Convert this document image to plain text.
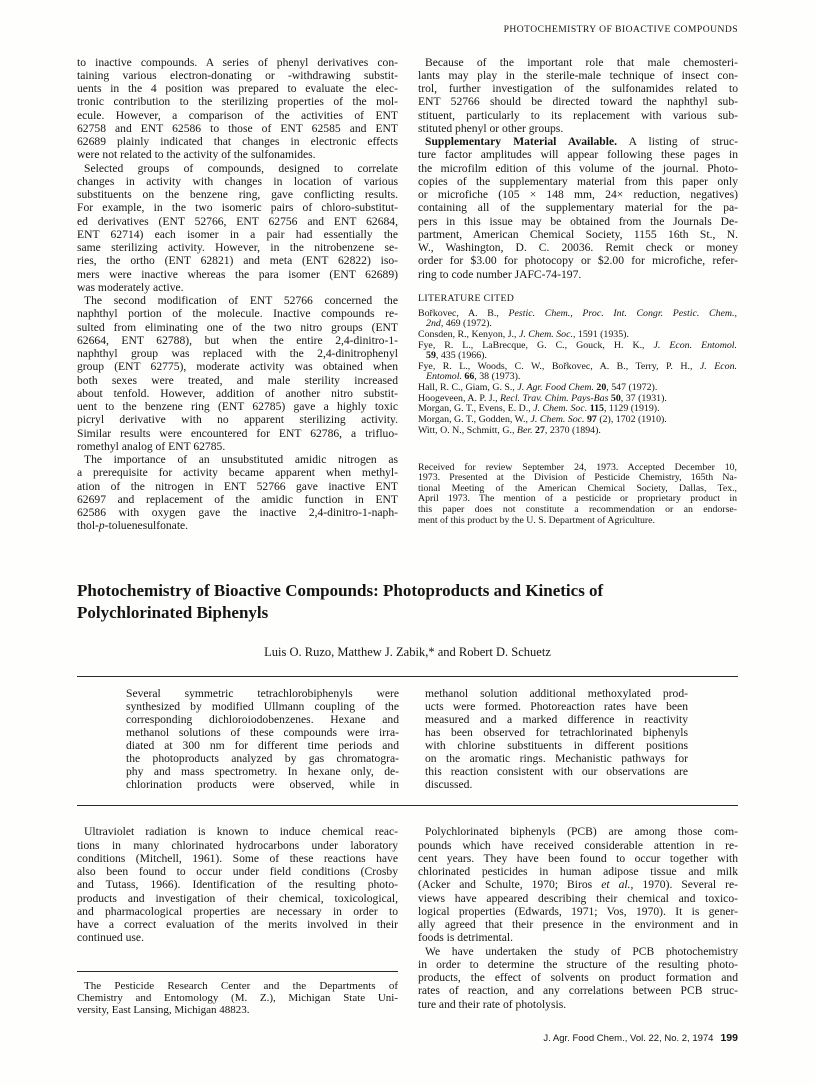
PHOTOCHEMISTRY OF BIOACTIVE COMPOUNDS
to inactive compounds. A series of phenyl derivatives con-
taining various electron-donating or -withdrawing substit-
uents in the 4 position was prepared to evaluate the elec-
tronic contribution to the sterilizing properties of the mol-
ecule. However, a comparison of the activities of ENT
62758 and ENT 62586 to those of ENT 62585 and ENT
62689 plainly indicated that changes in electronic effects
were not related to the activity of the sulfonamides.
Selected groups of compounds, designed to correlate
changes in activity with changes in location of various
substituents on the benzene ring, gave conflicting results.
For example, in the two isomeric pairs of chloro-substitut-
ed derivatives (ENT 52766, ENT 62756 and ENT 62684,
ENT 62714) each isomer in a pair had essentially the
same sterilizing activity. However, in the nitrobenzene se-
ries, the ortho (ENT 62821) and meta (ENT 62822) iso-
mers were inactive whereas the para isomer (ENT 62689)
was moderately active.
The second modification of ENT 52766 concerned the
naphthyl portion of the molecule. Inactive compounds re-
sulted from eliminating one of the two nitro groups (ENT
62664, ENT 62788), but when the entire 2,4-dinitro-1-
naphthyl group was replaced with the 2,4-dinitrophenyl
group (ENT 62775), moderate activity was obtained when
both sexes were treated, and male sterility increased
about tenfold. However, addition of another nitro substit-
uent to the benzene ring (ENT 62785) gave a highly toxic
picryl derivative with no apparent sterilizing activity.
Similar results were encountered for ENT 62786, a trifluo-
romethyl analog of ENT 62785.
The importance of an unsubstituted amidic nitrogen as
a prerequisite for activity became apparent when methyl-
ation of the nitrogen in ENT 52766 gave inactive ENT
62697 and replacement of the amidic function in ENT
62586 with oxygen gave the inactive 2,4-dinitro-1-naph-
thol-p-toluenesulfonate.
Because of the important role that male chemosteri-
lants may play in the sterile-male technique of insect con-
trol, further investigation of the sulfonamides related to
ENT 52766 should be directed toward the naphthyl sub-
stituent, particularly to its replacement with various sub-
stituted phenyl or other groups.
Supplementary Material Available. A listing of struc-
ture factor amplitudes will appear following these pages in
the microfilm edition of this volume of the journal. Photo-
copies of the supplementary material from this paper only
or microfiche (105 × 148 mm, 24× reduction, negatives)
containing all of the supplementary material for the pa-
pers in this issue may be obtained from the Journals De-
partment, American Chemical Society, 1155 16th St., N.
W., Washington, D. C. 20036. Remit check or money
order for $3.00 for photocopy or $2.00 for microfiche, refer-
ring to code number JAFC-74-197.
LITERATURE CITED
Bořkovec, A. B., Pestic. Chem., Proc. Int. Congr. Pestic. Chem.,
2nd, 469 (1972).
Consden, R., Kenyon, J., J. Chem. Soc., 1591 (1935).
Fye, R. L., LaBrecque, G. C., Gouck, H. K., J. Econ. Entomol.
59, 435 (1966).
Fye, R. L., Woods, C. W., Bořkovec, A. B., Terry, P. H., J. Econ.
Entomol. 66, 38 (1973).
Hall, R. C., Giam, G. S., J. Agr. Food Chem. 20, 547 (1972).
Hoogeveen, A. P. J., Recl. Trav. Chim. Pays-Bas 50, 37 (1931).
Morgan, G. T., Evens, E. D., J. Chem. Soc. 115, 1129 (1919).
Morgan, G. T., Godden, W., J. Chem. Soc. 97 (2), 1702 (1910).
Witt, O. N., Schmitt, G., Ber. 27, 2370 (1894).
Received for review September 24, 1973. Accepted December 10,
1973. Presented at the Division of Pesticide Chemistry, 165th Na-
tional Meeting of the American Chemical Society, Dallas, Tex.,
April 1973. The mention of a pesticide or proprietary product in
this paper does not constitute a recommendation or an endorse-
ment of this product by the U. S. Department of Agriculture.
Photochemistry of Bioactive Compounds: Photoproducts and Kinetics of
Polychlorinated Biphenyls
Luis O. Ruzo, Matthew J. Zabik,* and Robert D. Schuetz
Several symmetric tetrachlorobiphenyls were
synthesized by modified Ullmann coupling of the
corresponding dichloroiodobenzenes. Hexane and
methanol solutions of these compounds were irra-
diated at 300 nm for different time periods and
the photoproducts analyzed by gas chromatogra-
phy and mass spectrometry. In hexane only, de-
chlorination products were observed, while in
methanol solution additional methoxylated prod-
ucts were formed. Photoreaction rates have been
measured and a marked difference in reactivity
has been observed for tetrachlorinated biphenyls
with chlorine substituents in different positions
on the aromatic rings. Mechanistic pathways for
this reaction consistent with our observations are
discussed.
Ultraviolet radiation is known to induce chemical reac-
tions in many chlorinated hydrocarbons under laboratory
conditions (Mitchell, 1961). Some of these reactions have
also been found to occur under field conditions (Crosby
and Tutass, 1966). Identification of the resulting photo-
products and investigation of their chemical, toxicological,
and pharmacological properties are necessary in order to
have a correct evaluation of the merits involved in their
continued use.
The Pesticide Research Center and the Departments of
Chemistry and Entomology (M. Z.), Michigan State Uni-
versity, East Lansing, Michigan 48823.
Polychlorinated biphenyls (PCB) are among those com-
pounds which have received considerable attention in re-
cent years. They have been found to occur together with
chlorinated pesticides in human adipose tissue and milk
(Acker and Schulte, 1970; Biros et al., 1970). Several re-
views have appeared describing their chemical and toxico-
logical properties (Edwards, 1971; Vos, 1970). It is gener-
ally agreed that their presence in the environment and in
foods is detrimental.
We have undertaken the study of PCB photochemistry
in order to determine the structure of the resulting photo-
products, the effect of solvents on product formation and
rates of reaction, and any correlations between PCB struc-
ture and their rate of photolysis.
J. Agr. Food Chem., Vol. 22, No. 2, 1974 199
